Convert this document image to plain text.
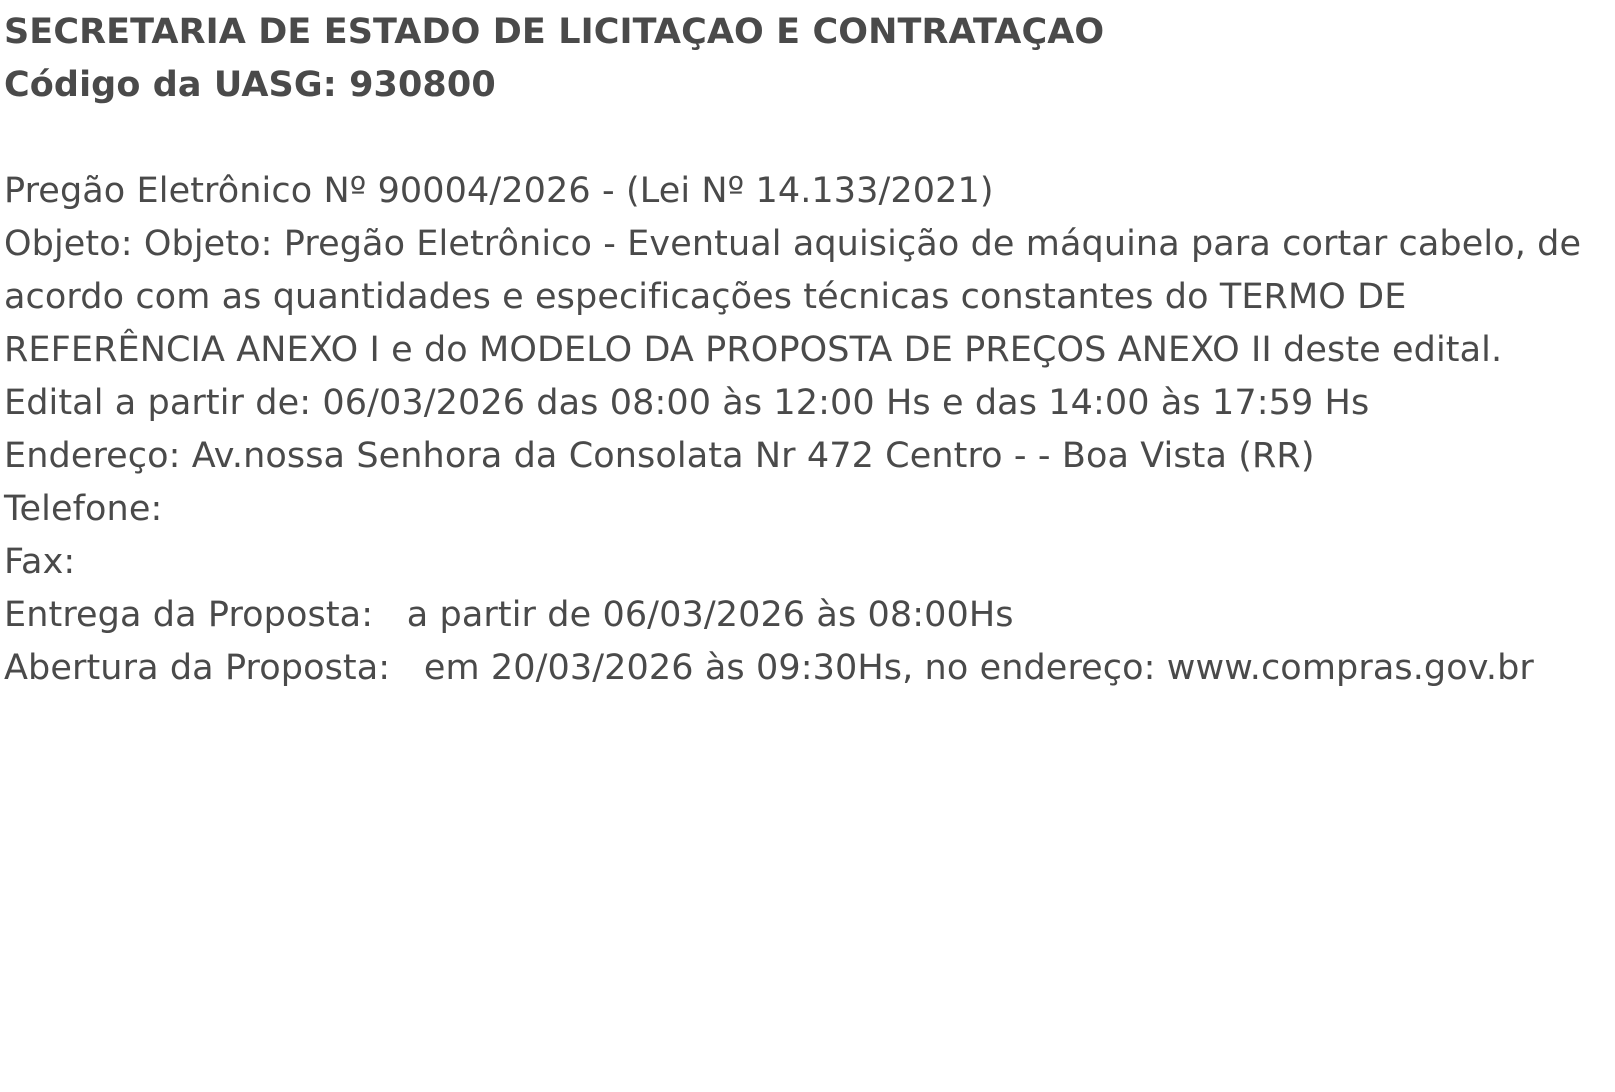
SECRETARIA DE ESTADO DE LICITAÇAO E CONTRATAÇAO
Código da UASG: 930800
Pregão Eletrônico Nº 90004/2026 - (Lei Nº 14.133/2021)
Objeto: Objeto: Pregão Eletrônico - Eventual aquisição de máquina para cortar cabelo, de acordo com as quantidades e especificações técnicas constantes do TERMO DE REFERÊNCIA ANEXO I e do MODELO DA PROPOSTA DE PREÇOS ANEXO II deste edital.
Edital a partir de: 06/03/2026 das 08:00 às 12:00 Hs e das 14:00 às 17:59 Hs
Endereço: Av.nossa Senhora da Consolata Nr 472 Centro - - Boa Vista (RR)
Telefone:
Fax:
Entrega da Proposta:   a partir de 06/03/2026 às 08:00Hs
Abertura da Proposta:   em 20/03/2026 às 09:30Hs, no endereço: www.compras.gov.br
